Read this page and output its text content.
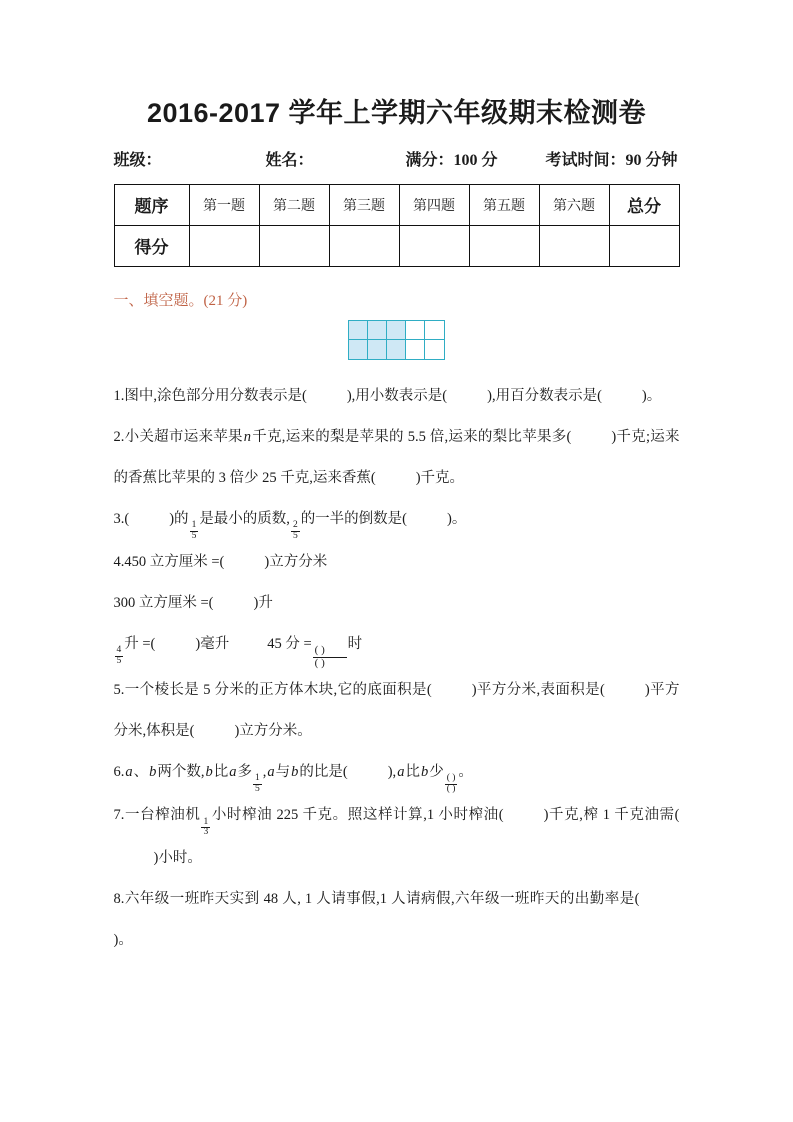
2016-2017 学年上学期六年级期末检测卷
班级：	姓名：	满分：100 分	考试时间：90 分钟
题序	第一题	第二题	第三题	第四题	第五题	第六题	总分
得分							
一、填空题。(21 分)

1.图中,涂色部分用分数表示是(	),用小数表示是(	),用百分数表示是(	)。

2.小关超市运来苹果n千克,运来的梨是苹果的 5.5 倍,运来的梨比苹果多(	)千克;运来的香蕉比苹果的 3 倍少 25 千克,运来香蕉(	)千克。

3.(	)的
$\frac{1}{5}$
是最小的质数,
$\frac{2}{5}$
的一半的倒数是(	)。

4.450 立方厘米 =(	)立方分米

300 立方厘米 =(	)升

$\frac{4}{5}$
升 =(	)毫升	45 分 =
$\frac{( )}{( )}$
时

5.一个棱长是 5 分米的正方体木块,它的底面积是(	)平方分米,表面积是(	)平方分米,体积是(	)立方分米。

6.a、b两个数,b比a多
$\frac{1}{5}$
,a与b的比是(	),a比b少
$\frac{( )}{( )}$
。

7.一台榨油机
$\frac{1}{3}$
小时榨油 225 千克。照这样计算,1 小时榨油(	)千克,榨 1 千克油需()小时。

8.六年级一班昨天实到 48 人, 1 人请事假,1 人请病假,六年级一班昨天的出勤率是()。
